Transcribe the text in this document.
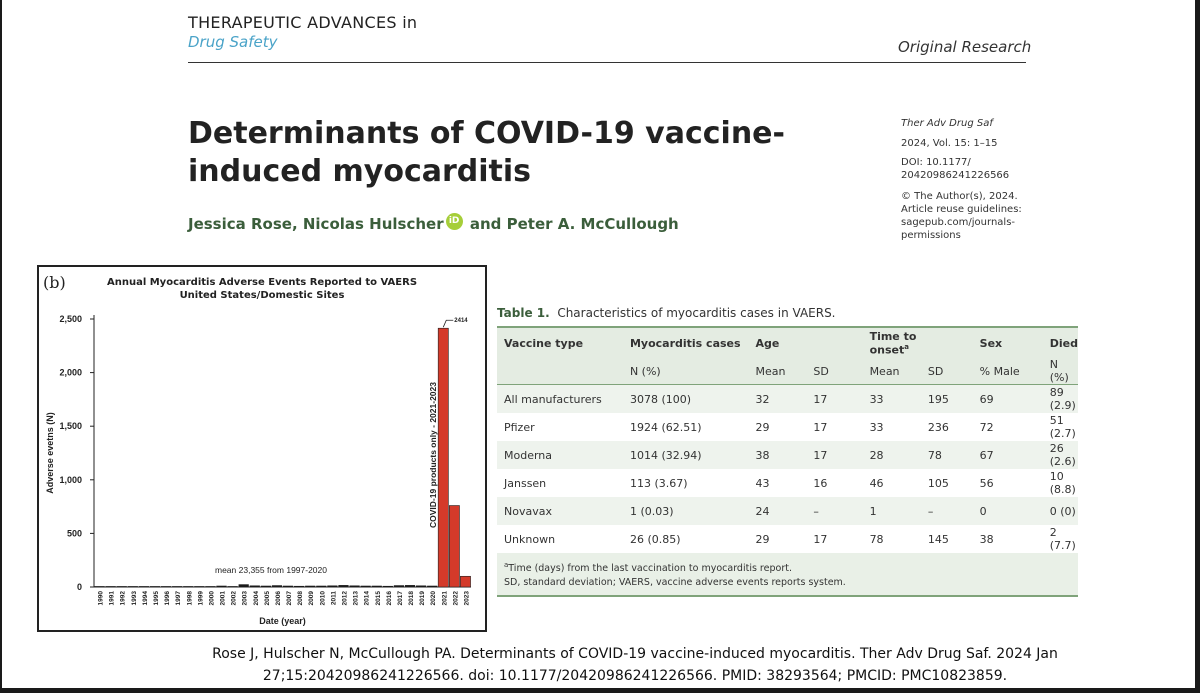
THERAPEUTIC ADVANCES in
Drug Safety	Original Research
Determinants of COVID-19 vaccine-induced myocarditis
Jessica Rose, Nicolas Hulscher iD and Peter A. McCullough
Ther Adv Drug Saf
2024, Vol. 15: 1–15
DOI: 10.1177/
20420986241226566
© The Author(s), 2024.
Article reuse guidelines:
sagepub.com/journals-
permissions
0
500
1,000
1,500
2,000
2,500
Adverse evetns (N)
1990 1991 1992 1993 1994 1995 1996 1997 1998 1999 2000 2001 2002 2003 2004 2005 2006 2007 2008 2009 2010 2011 2012 2013 2014 2015 2016 2017 2018 2019 2020 2021 2022 2023
2414
mean 23,355 from 1997-2020
COVID-19 products only - 2021-2023
Date (year)
(b)	Annual Myocarditis Adverse Events Reported to VAERS
United States/Domestic Sites
Table 1. Characteristics of myocarditis cases in VAERS.
Vaccine type	Myocarditis cases	Age		Time to onset$^a$		Sex	Died
	N (%)	Mean	SD	Mean	SD	% Male	N (%)
All manufacturers	3078 (100)	32	17	33	195	69	89 (2.9)
Pfizer	1924 (62.51)	29	17	33	236	72	51 (2.7)
Moderna	1014 (32.94)	38	17	28	78	67	26 (2.6)
Janssen	113 (3.67)	43	16	46	105	56	10 (8.8)
Novavax	1 (0.03)	24	–	1	–	0	0 (0)
Unknown	26 (0.85)	29	17	78	145	38	2 (7.7)

$^a$Time (days) from the last vaccination to myocarditis report.
SD, standard deviation; VAERS, vaccine adverse events reports system.							
Rose J, Hulscher N, McCullough PA. Determinants of COVID-19 vaccine-induced myocarditis. Ther Adv Drug Saf. 2024 Jan 27;15:20420986241226566. doi: 10.1177/20420986241226566. PMID: 38293564; PMCID: PMC10823859.
